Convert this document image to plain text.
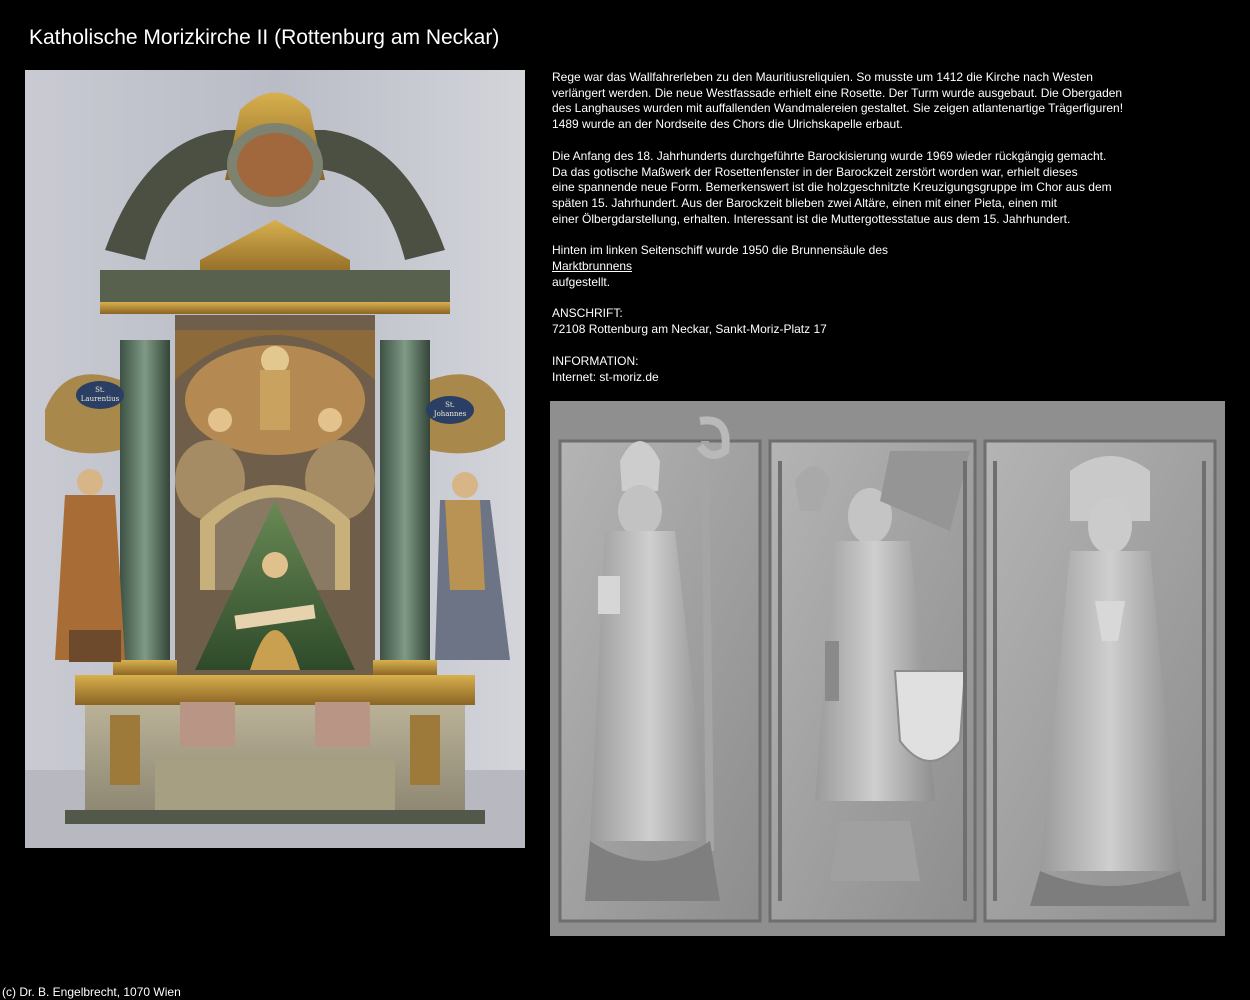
Katholische Morizkirche II (Rottenburg am Neckar)
St.
Laurentius
St.
Johannes

Rege war das Wallfahrerleben zu den Mauritiusreliquien. So musste um 1412 die Kirche nach Westen
verlängert werden. Die neue Westfassade erhielt eine Rosette. Der Turm wurde ausgebaut. Die Obergaden
des Langhauses wurden mit auffallenden Wandmalereien gestaltet. Sie zeigen atlantenartige Trägerfiguren!
1489 wurde an der Nordseite des Chors die Ulrichskapelle erbaut.

Die Anfang des 18. Jahrhunderts durchgeführte Barockisierung wurde 1969 wieder rückgängig gemacht.
Da das gotische Maßwerk der Rosettenfenster in der Barockzeit zerstört worden war, erhielt dieses
eine spannende neue Form. Bemerkenswert ist die holzgeschnitzte Kreuzigungsgruppe im Chor aus dem
späten 15. Jahrhundert. Aus der Barockzeit blieben zwei Altäre, einen mit einer Pieta, einen mit
einer Ölbergdarstellung, erhalten. Interessant ist die Muttergottesstatue aus dem 15. Jahrhundert.

Hinten im linken Seitenschiff wurde 1950 die Brunnensäule des
Marktbrunnens
aufgestellt.

ANSCHRIFT:
72108 Rottenburg am Neckar, Sankt-Moriz-Platz 17

INFORMATION:
Internet: st-moriz.de

(c) Dr. B. Engelbrecht, 1070 Wien
